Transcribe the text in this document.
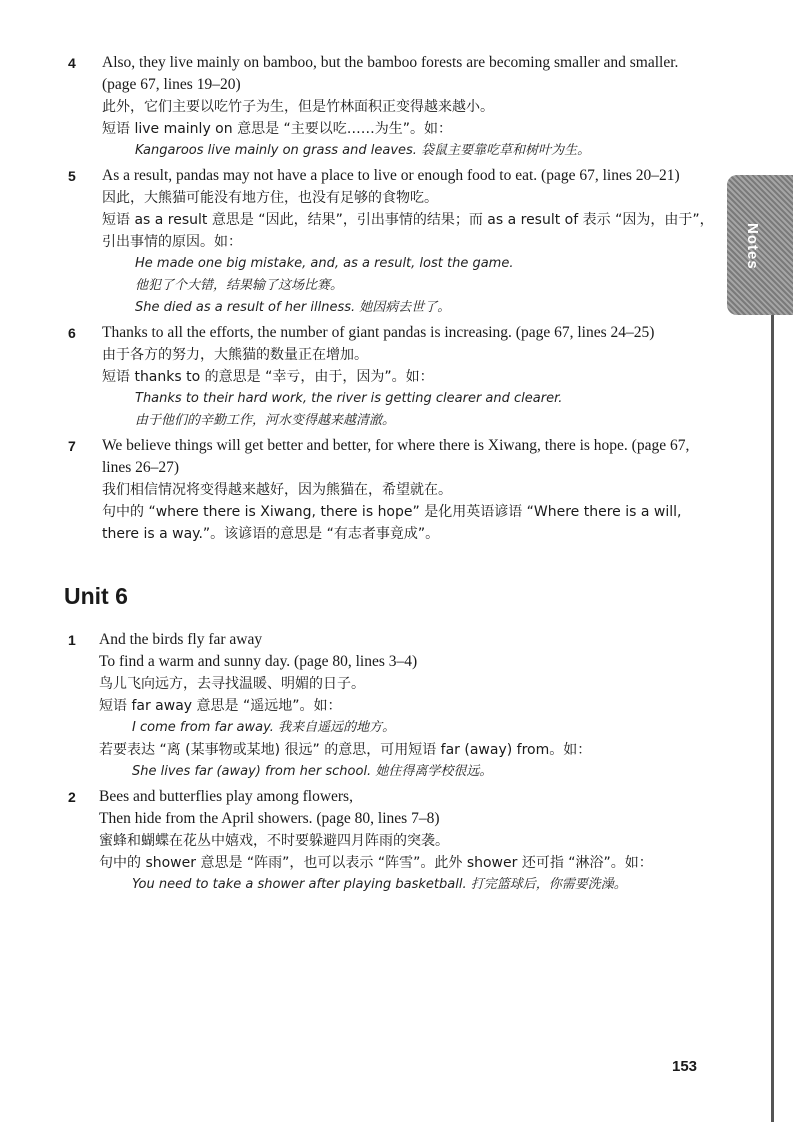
Notes
4 Also, they live mainly on bamboo, but the bamboo forests are becoming smaller and smaller. (page 67, lines 19–20)
此外，它们主要以吃竹子为生，但是竹林面积正变得越来越小。
短语 live mainly on 意思是 “主要以吃……为生”。如：
Kangaroos live mainly on grass and leaves. 袋鼠主要靠吃草和树叶为生。
5 As a result, pandas may not have a place to live or enough food to eat. (page 67, lines 20–21)
因此，大熊猫可能没有地方住，也没有足够的食物吃。
短语 as a result 意思是 “因此，结果”，引出事情的结果；而 as a result of 表示 “因为，由于”，引出事情的原因。如：
He made one big mistake, and, as a result, lost the game.
他犯了个大错，结果输了这场比赛。
She died as a result of her illness. 她因病去世了。
6 Thanks to all the efforts, the number of giant pandas is increasing. (page 67, lines 24–25)
由于各方的努力，大熊猫的数量正在增加。
短语 thanks to 的意思是 “幸亏，由于，因为”。如：
Thanks to their hard work, the river is getting clearer and clearer.
由于他们的辛勤工作，河水变得越来越清澈。
7 We believe things will get better and better, for where there is Xiwang, there is hope. (page 67, lines 26–27)
我们相信情况将变得越来越好，因为熊猫在，希望就在。
句中的 “where there is Xiwang, there is hope” 是化用英语谚语 “Where there is a will, there is a way.”。该谚语的意思是 “有志者事竟成”。
Unit 6
1 And the birds fly far away
To find a warm and sunny day. (page 80, lines 3–4)
鸟儿飞向远方，去寻找温暖、明媚的日子。
短语 far away 意思是 “遥远地”。如：
I come from far away. 我来自遥远的地方。
若要表达 “离 (某事物或某地) 很远” 的意思，可用短语 far (away) from。如：
She lives far (away) from her school. 她住得离学校很远。
2 Bees and butterflies play among flowers,
Then hide from the April showers. (page 80, lines 7–8)
蜜蜂和蝴蝶在花丛中嬉戏，不时要躲避四月阵雨的突袭。
句中的 shower 意思是 “阵雨”，也可以表示 “阵雪”。此外 shower 还可指 “淋浴”。如：
You need to take a shower after playing basketball. 打完篮球后，你需要洗澡。
153
